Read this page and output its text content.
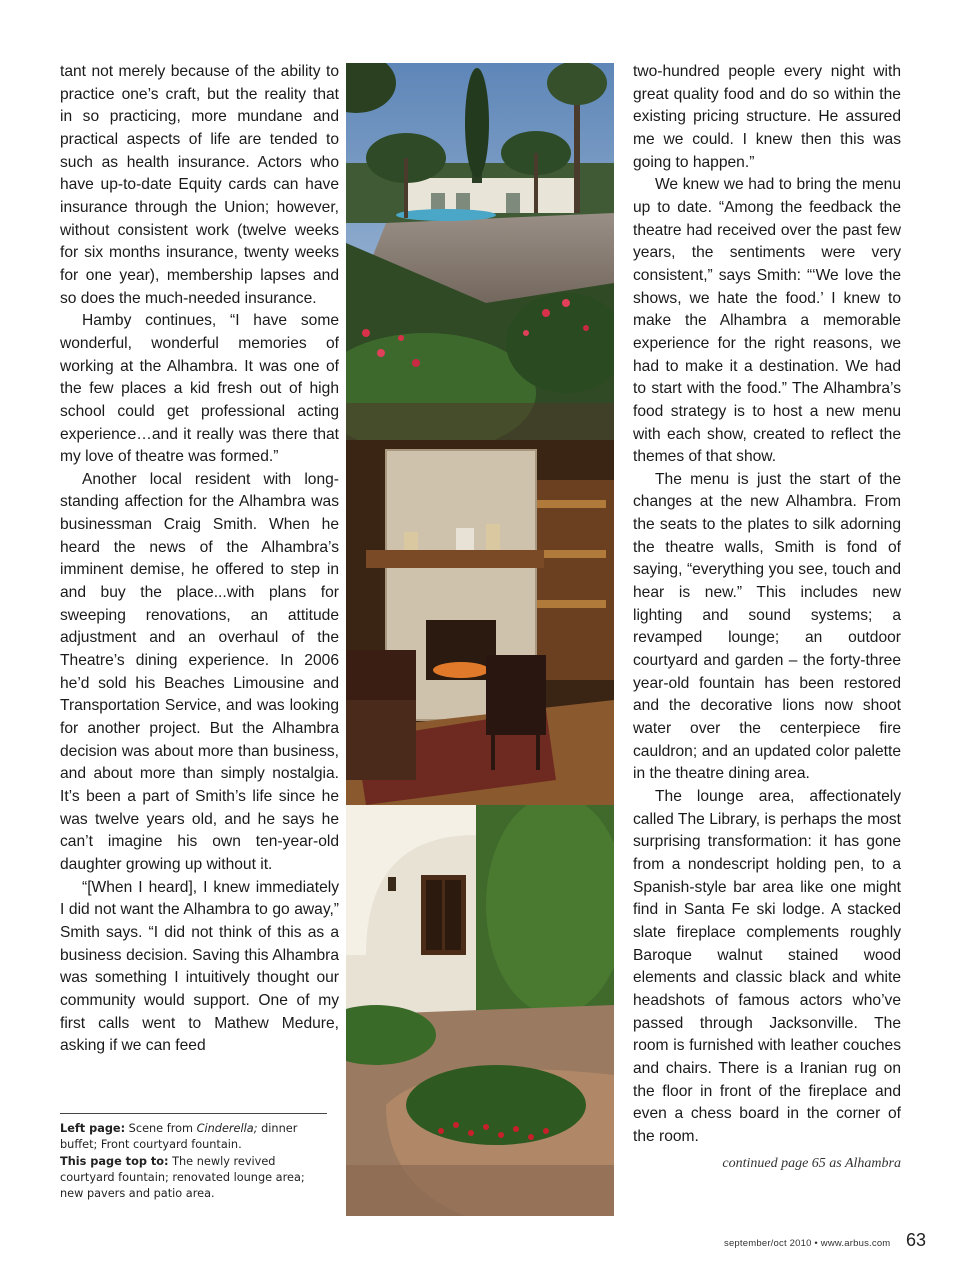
tant not merely because of the ability to practice one’s craft, but the reality that in so practicing, more mundane and practical aspects of life are tended to such as health insurance. Actors who have up-to-date Equity cards can have insurance through the Union; however, without consistent work (twelve weeks for six months insurance, twenty weeks for one year), membership lapses and so does the much-needed insurance.

Hamby continues, “I have some wonderful, wonderful memories of working at the Alhambra. It was one of the few places a kid fresh out of high school could get professional acting experience…and it really was there that my love of theatre was formed.”

Another local resident with long-standing affection for the Alhambra was businessman Craig Smith. When he heard the news of the Alhambra’s imminent demise, he offered to step in and buy the place...with plans for sweeping renovations, an attitude adjustment and an overhaul of the Theatre’s dining experience. In 2006 he’d sold his Beaches Limousine and Transportation Service, and was looking for another project. But the Alhambra decision was about more than business, and about more than simply nostalgia. It’s been a part of Smith’s life since he was twelve years old, and he says he can’t imagine his own ten-year-old daughter growing up without it.

“[When I heard], I knew immediately I did not want the Alhambra to go away,” Smith says. “I did not think of this as a business decision. Saving this Alhambra was something I intuitively thought our community would support. One of my first calls went to Mathew Medure, asking if we can feed

Left page: Scene from Cinderella; dinner buffet; Front courtyard fountain.
This page top to: The newly revived courtyard fountain; renovated lounge area; new pavers and patio area.

two-hundred people every night with great quality food and do so within the existing pricing structure. He assured me we could. I knew then this was going to happen.”

We knew we had to bring the menu up to date. “Among the feedback the theatre had received over the past few years, the sentiments were very consistent,” says Smith: “‘We love the shows, we hate the food.’ I knew to make the Alhambra a memorable experience for the right reasons, we had to make it a destination. We had to start with the food.” The Alhambra’s food strategy is to host a new menu with each show, created to reflect the themes of that show.

The menu is just the start of the changes at the new Alhambra. From the seats to the plates to silk adorning the theatre walls, Smith is fond of saying, “everything you see, touch and hear is new.” This includes new lighting and sound systems; a revamped lounge; an outdoor courtyard and garden – the forty-three year-old fountain has been restored and the decorative lions now shoot water over the centerpiece fire cauldron; and an updated color palette in the theatre dining area.

The lounge area, affectionately called The Library, is perhaps the most surprising transformation: it has gone from a nondescript holding pen, to a Spanish-style bar area like one might find in Santa Fe ski lodge. A stacked slate fireplace complements roughly Baroque walnut stained wood elements and classic black and white headshots of famous actors who’ve passed through Jacksonville. The room is furnished with leather couches and chairs. There is a Iranian rug on the floor in front of the fireplace and even a chess board in the corner of the room.

continued page 65 as Alhambra
september/oct 2010 • www.arbus.com 63
